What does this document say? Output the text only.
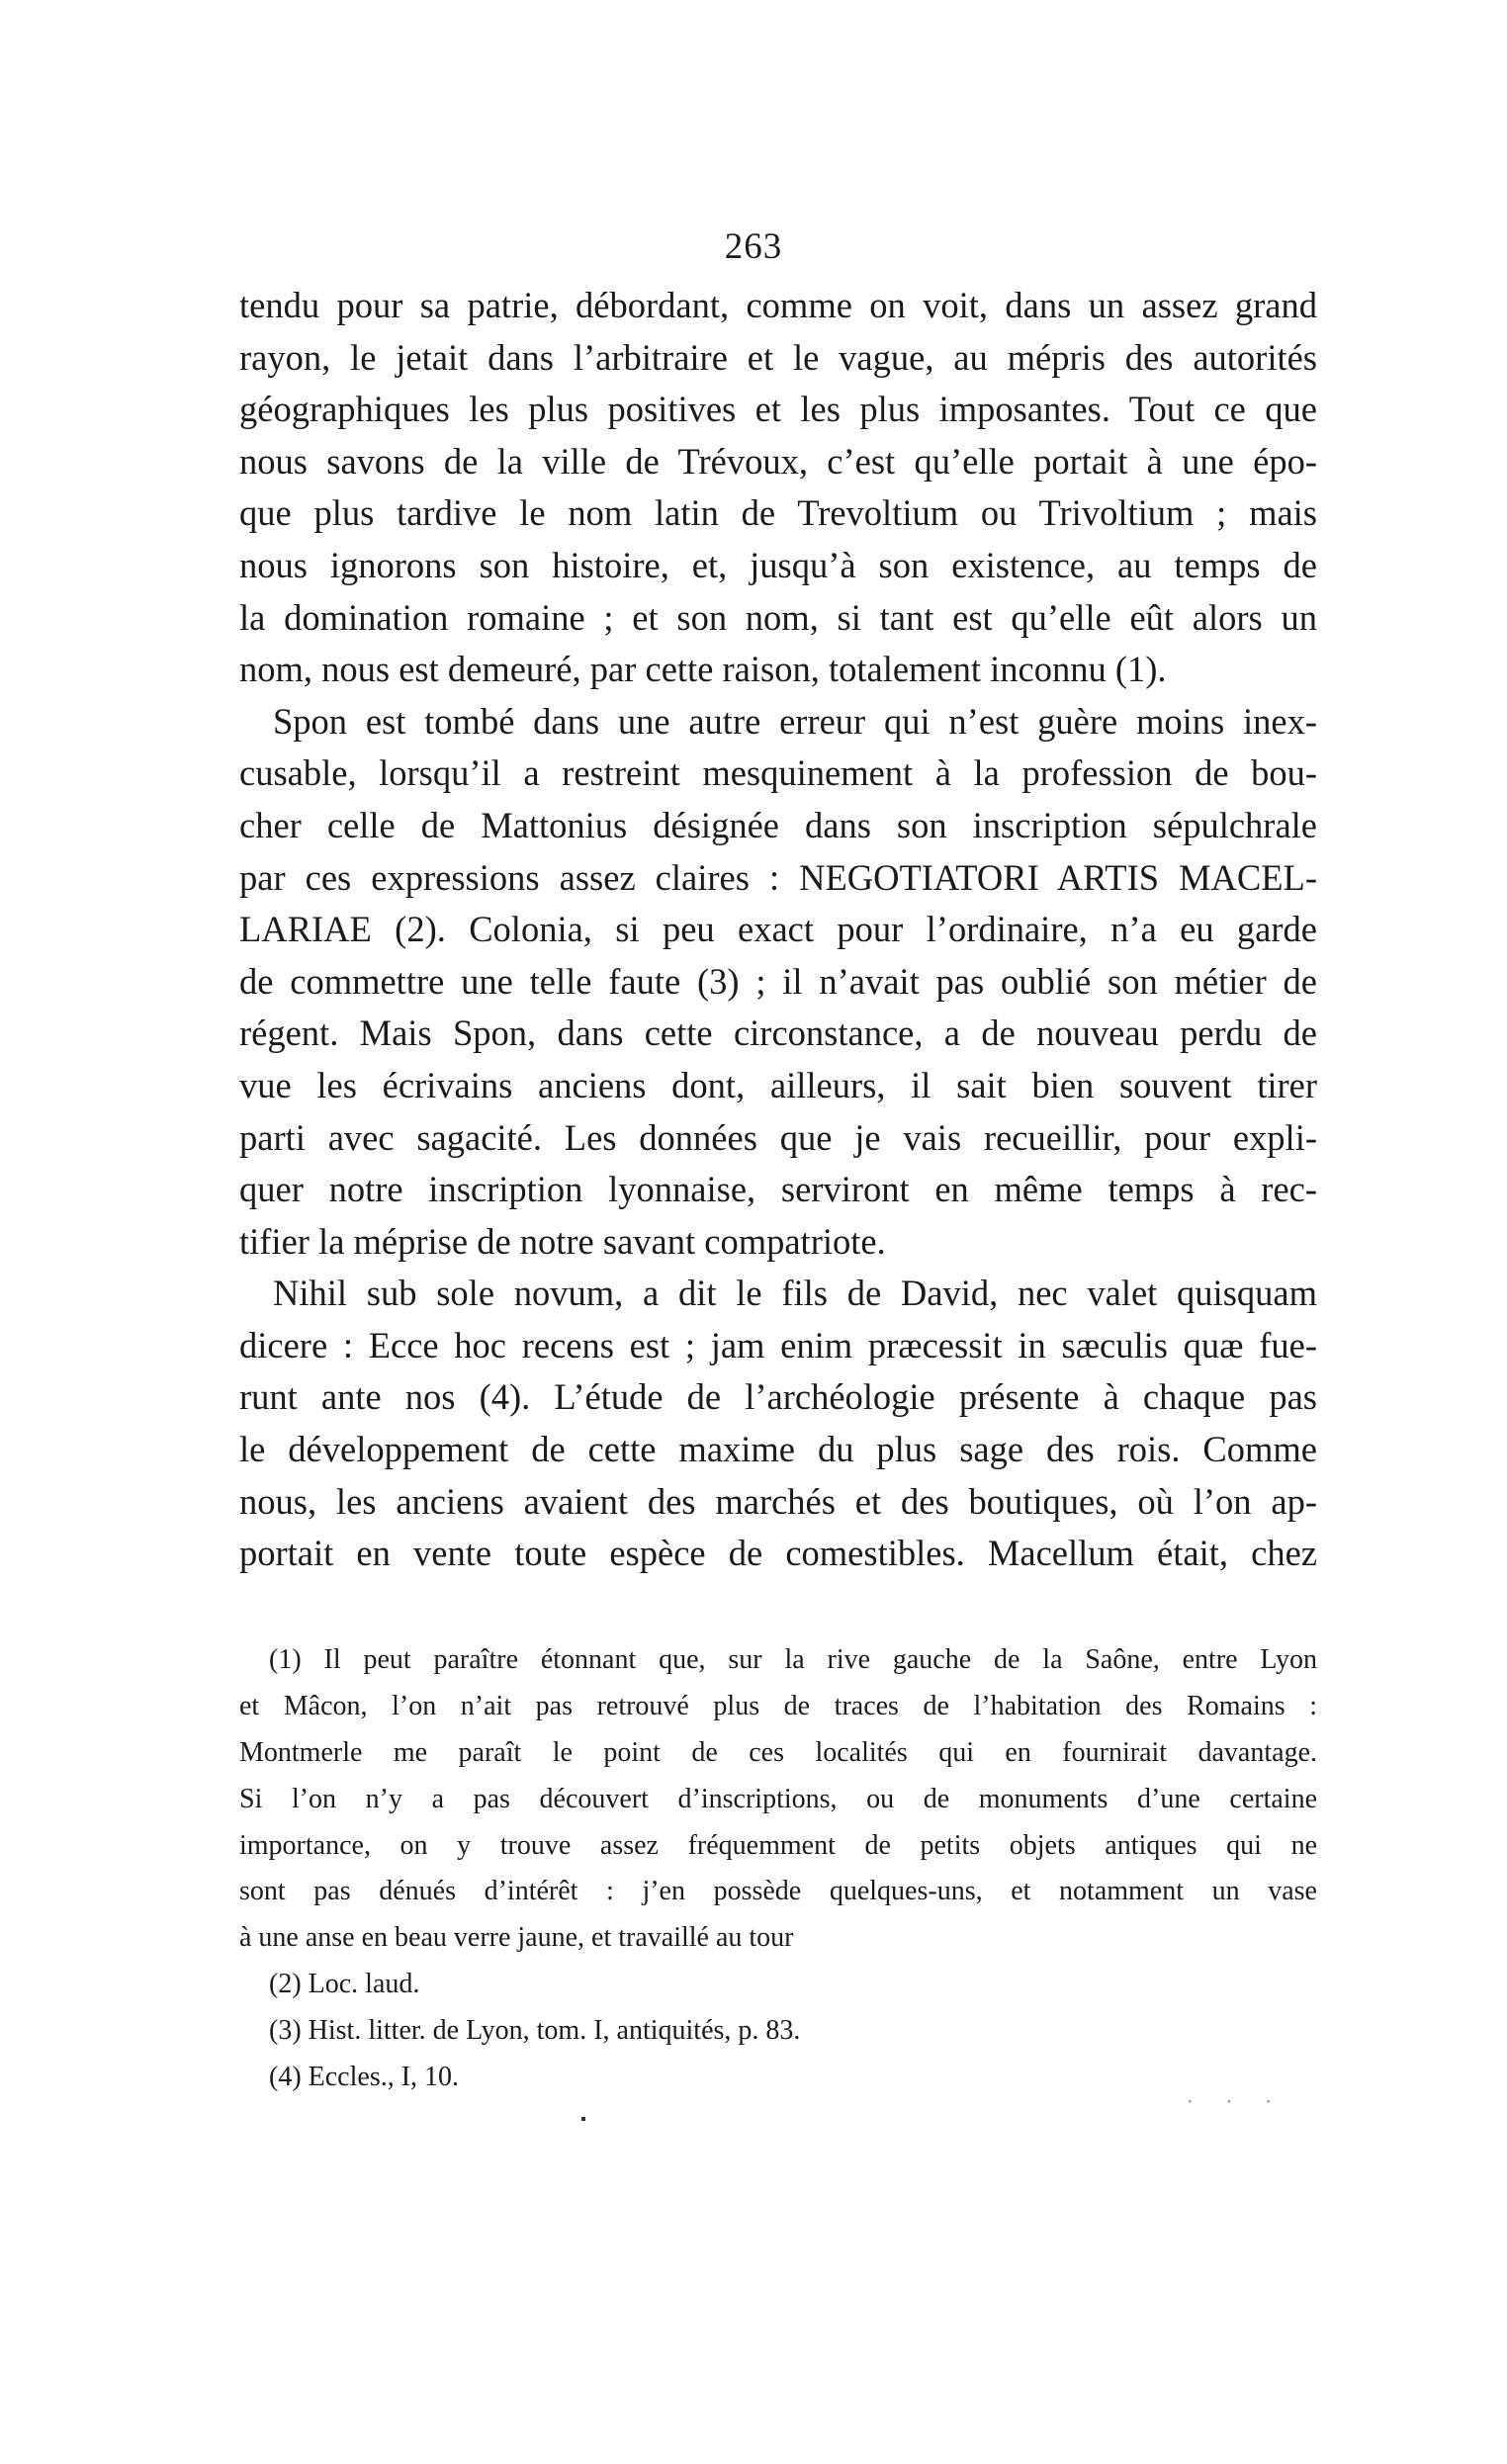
263
tendu pour sa patrie, débordant, comme on voit, dans un assez grand
rayon, le jetait dans l’arbitraire et le vague, au mépris des autorités
géographiques les plus positives et les plus imposantes. Tout ce que
nous savons de la ville de Trévoux, c’est qu’elle portait à une épo-
que plus tardive le nom latin de Trevoltium ou Trivoltium ; mais
nous ignorons son histoire, et, jusqu’à son existence, au temps de
la domination romaine ; et son nom, si tant est qu’elle eût alors un
nom, nous est demeuré, par cette raison, totalement inconnu (1).
Spon est tombé dans une autre erreur qui n’est guère moins inex-
cusable, lorsqu’il a restreint mesquinement à la profession de bou-
cher celle de Mattonius désignée dans son inscription sépulchrale
par ces expressions assez claires : NEGOTIATORI ARTIS MACEL-
LARIAE (2). Colonia, si peu exact pour l’ordinaire, n’a eu garde
de commettre une telle faute (3) ; il n’avait pas oublié son métier de
régent. Mais Spon, dans cette circonstance, a de nouveau perdu de
vue les écrivains anciens dont, ailleurs, il sait bien souvent tirer
parti avec sagacité. Les données que je vais recueillir, pour expli-
quer notre inscription lyonnaise, serviront en même temps à rec-
tifier la méprise de notre savant compatriote.
Nihil sub sole novum, a dit le fils de David, nec valet quisquam
dicere : Ecce hoc recens est ; jam enim præcessit in sæculis quæ fue-
runt ante nos (4). L’étude de l’archéologie présente à chaque pas
le développement de cette maxime du plus sage des rois. Comme
nous, les anciens avaient des marchés et des boutiques, où l’on ap-
portait en vente toute espèce de comestibles. Macellum était, chez
(1) Il peut paraître étonnant que, sur la rive gauche de la Saône, entre Lyon
et Mâcon, l’on n’ait pas retrouvé plus de traces de l’habitation des Romains :
Montmerle me paraît le point de ces localités qui en fournirait davantage.
Si l’on n’y a pas découvert d’inscriptions, ou de monuments d’une certaine
importance, on y trouve assez fréquemment de petits objets antiques qui ne
sont pas dénués d’intérêt : j’en possède quelques-uns, et notamment un vase
à une anse en beau verre jaune, et travaillé au tour
(2) Loc. laud.
(3) Hist. litter. de Lyon, tom. I, antiquités, p. 83.
(4) Eccles., I, 10.
· · ·
